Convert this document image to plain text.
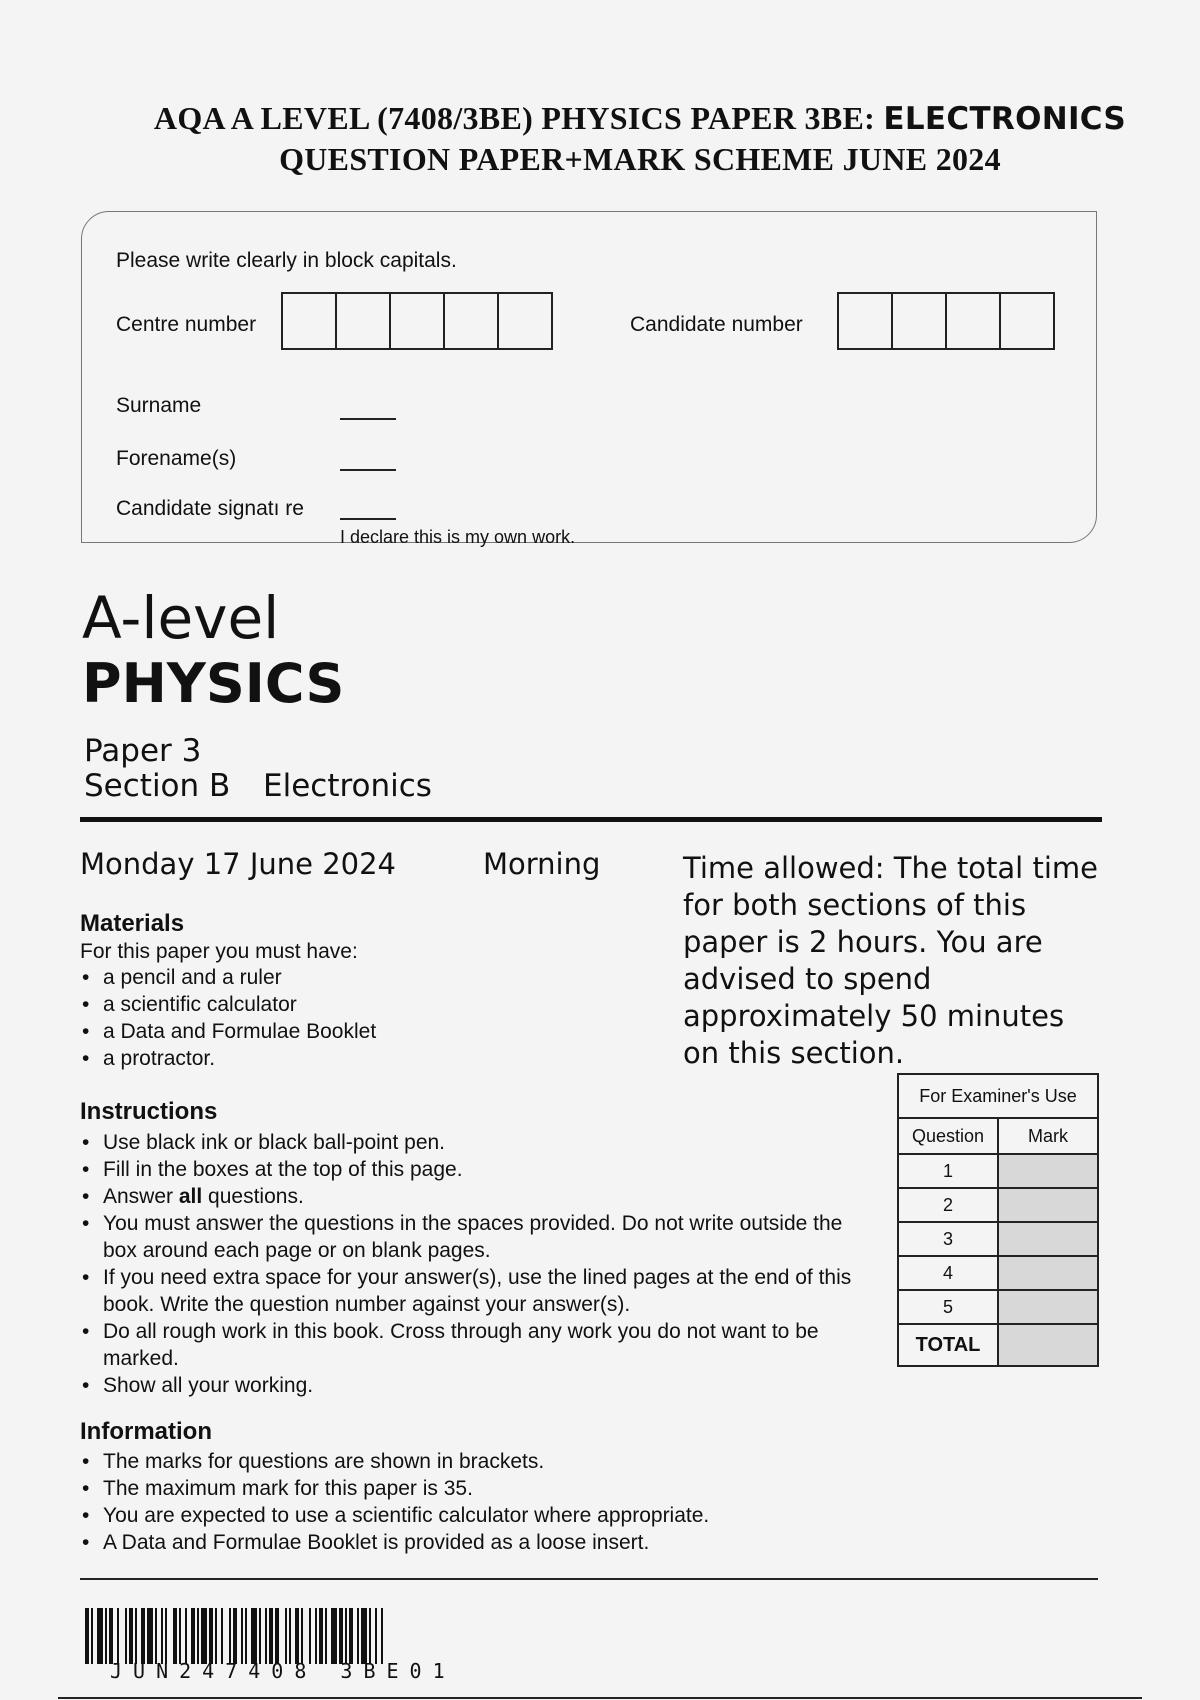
AQA A LEVEL (7408/3BE) PHYSICS PAPER 3BE: ELECTRONICS
QUESTION PAPER+MARK SCHEME JUNE 2024
Please write clearly in block capitals.
Centre number	Candidate number
Surname
Forename(s)
Candidate signatı re
I declare this is my own work.
A-level
PHYSICS
Paper 3
Section B Electronics
Monday 17 June 2024	Morning	Time allowed: The total time for both sections of this paper is 2 hours. You are advised to spend approximately 50 minutes on this section.
Materials
For this paper you must have:
• a pencil and a ruler
• a scientific calculator
• a Data and Formulae Booklet
• a protractor.
Instructions
• Use black ink or black ball-point pen.
• Fill in the boxes at the top of this page.
• Answer all questions.
• You must answer the questions in the spaces provided. Do not write outside the box around each page or on blank pages.
• If you need extra space for your answer(s), use the lined pages at the end of this book. Write the question number against your answer(s).
• Do all rough work in this book. Cross through any work you do not want to be marked.
• Show all your working.
Information
• The marks for questions are shown in brackets.
• The maximum mark for this paper is 35.
• You are expected to use a scientific calculator where appropriate.
• A Data and Formulae Booklet is provided as a loose insert.
For Examiner's Use	
Question	Mark
1	
2	
3	
4	
5	
TOTAL	
JUN247408 3BE01
